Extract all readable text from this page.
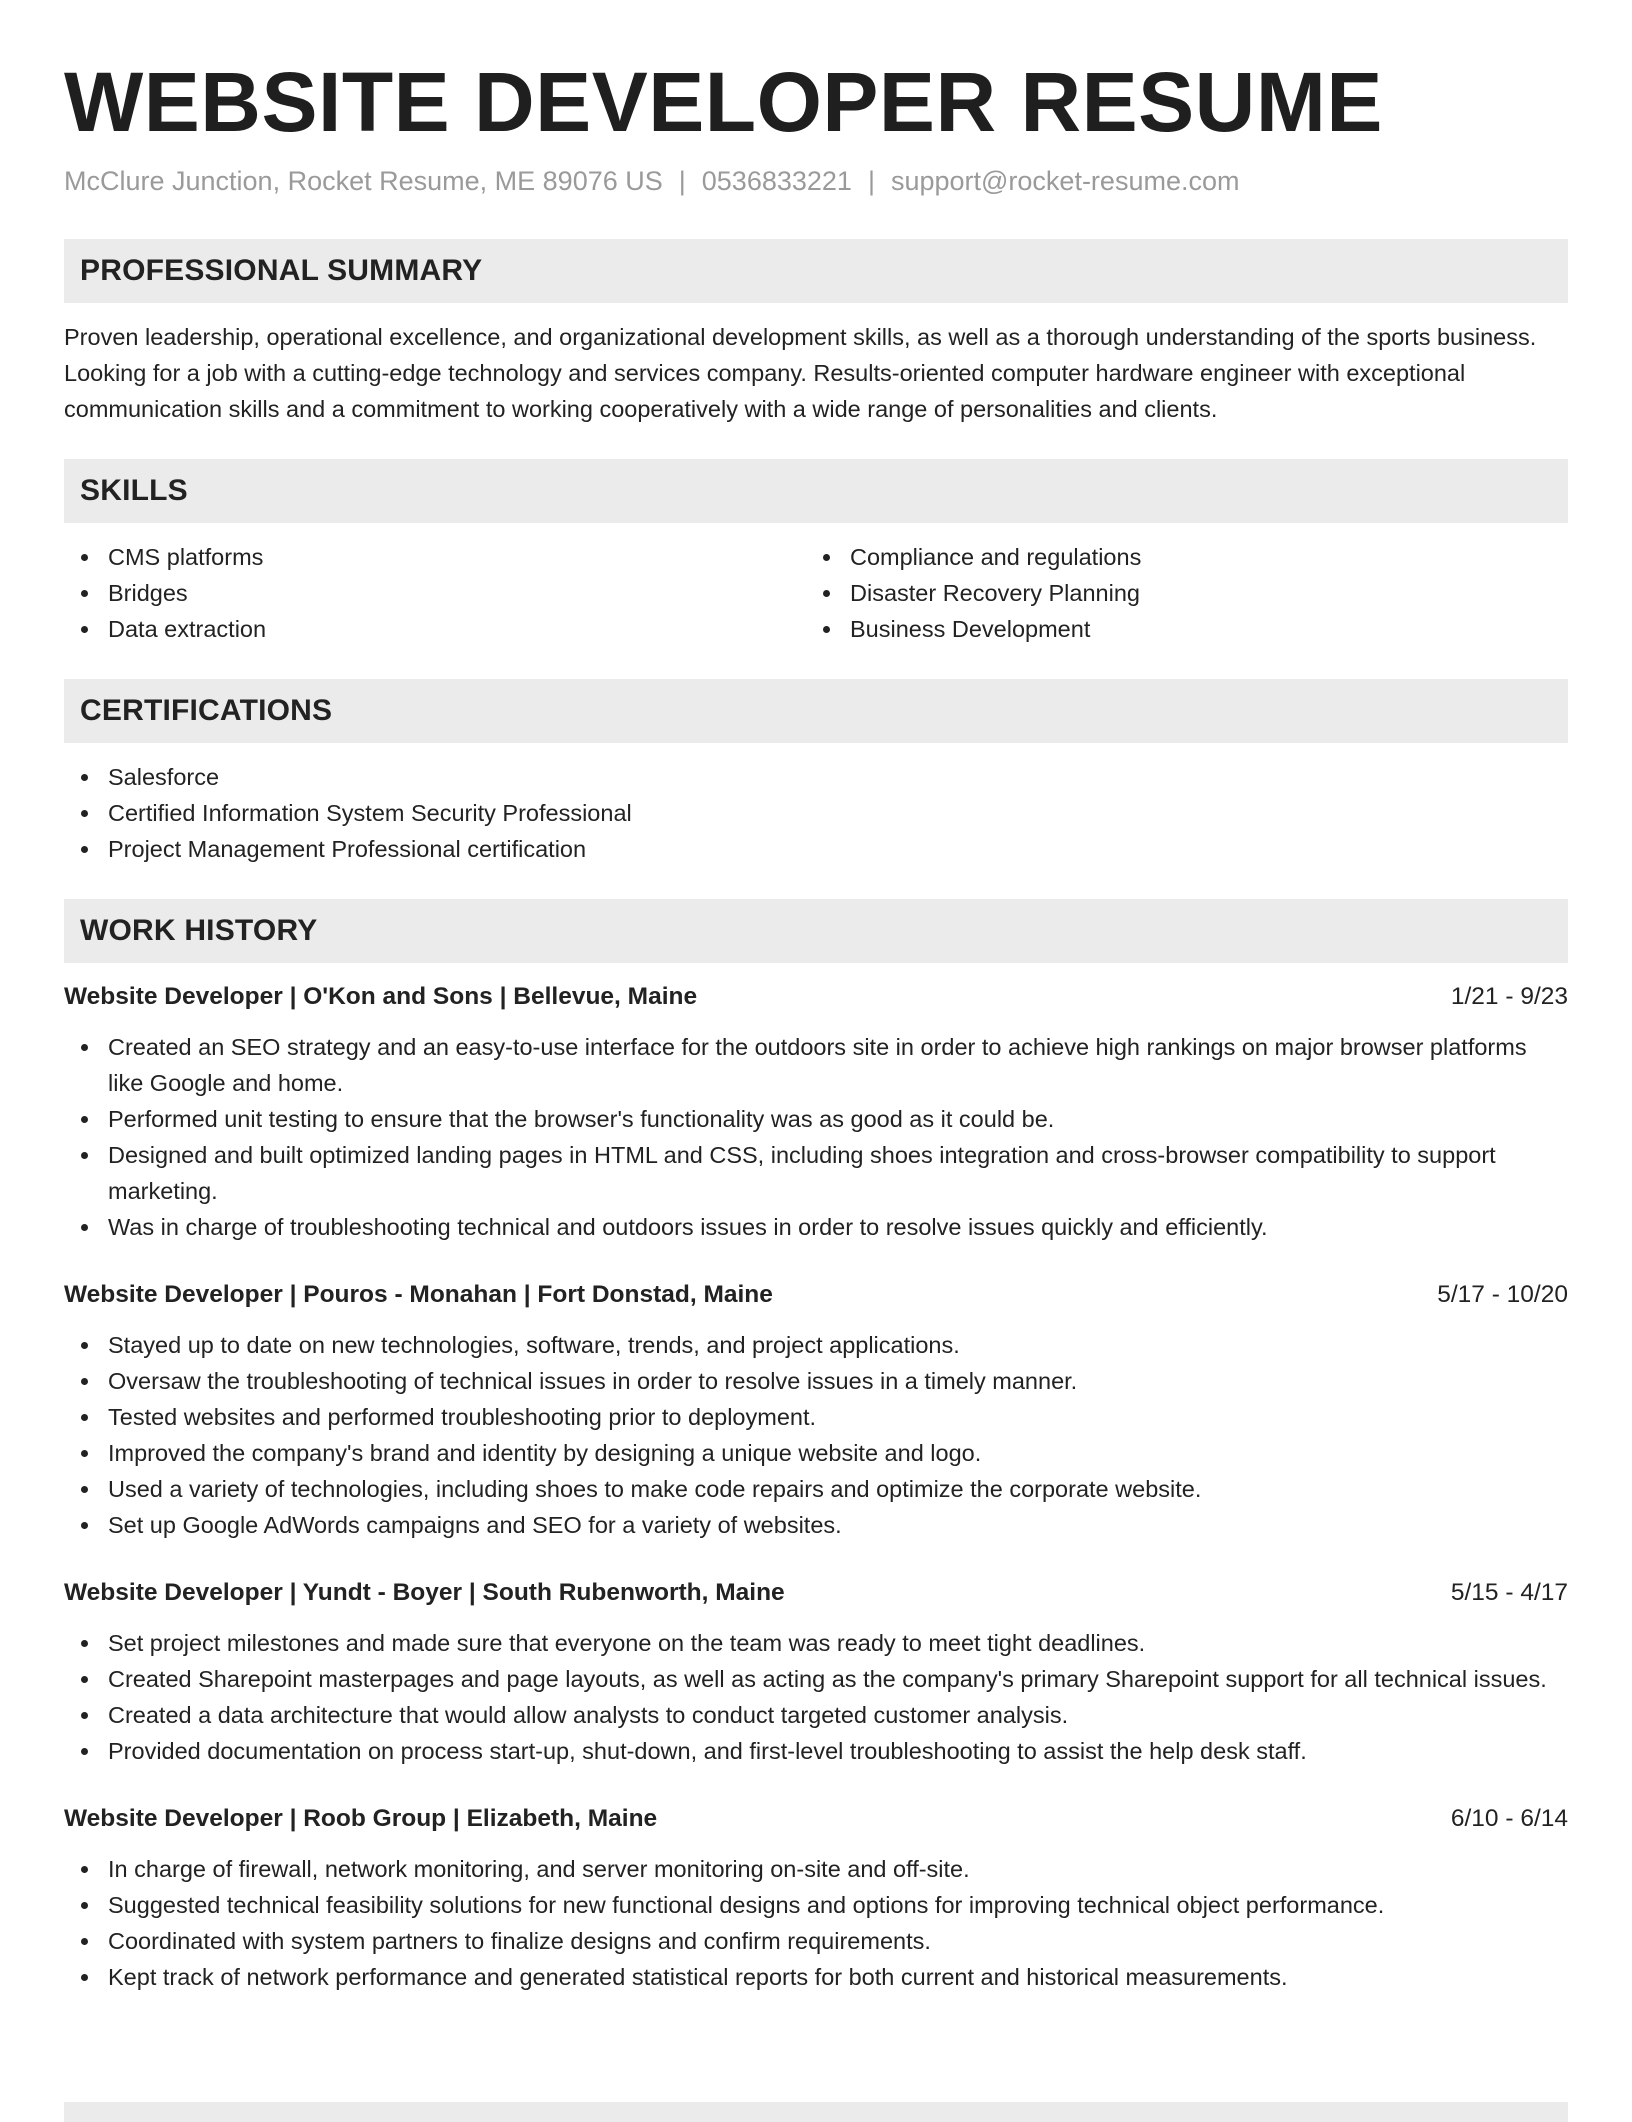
WEBSITE DEVELOPER RESUME
McClure Junction, Rocket Resume, ME 89076 US | 0536833221 | support@rocket-resume.com
PROFESSIONAL SUMMARY

Proven leadership, operational excellence, and organizational development skills, as well as a thorough understanding of the sports business. Looking for a job with a cutting-edge technology and services company. Results-oriented computer hardware engineer with exceptional communication skills and a commitment to working cooperatively with a wide range of personalities and clients.

SKILLS
CMS platforms
Bridges
Data extraction
Compliance and regulations
Disaster Recovery Planning
Business Development
CERTIFICATIONS
Salesforce
Certified Information System Security Professional
Project Management Professional certification
WORK HISTORY
Website Developer | O'Kon and Sons | Bellevue, Maine	1/21 - 9/23
Created an SEO strategy and an easy-to-use interface for the outdoors site in order to achieve high rankings on major browser platforms like Google and home.
Performed unit testing to ensure that the browser's functionality was as good as it could be.
Designed and built optimized landing pages in HTML and CSS, including shoes integration and cross-browser compatibility to support marketing.
Was in charge of troubleshooting technical and outdoors issues in order to resolve issues quickly and efficiently.
Website Developer | Pouros - Monahan | Fort Donstad, Maine	5/17 - 10/20
Stayed up to date on new technologies, software, trends, and project applications.
Oversaw the troubleshooting of technical issues in order to resolve issues in a timely manner.
Tested websites and performed troubleshooting prior to deployment.
Improved the company's brand and identity by designing a unique website and logo.
Used a variety of technologies, including shoes to make code repairs and optimize the corporate website.
Set up Google AdWords campaigns and SEO for a variety of websites.
Website Developer | Yundt - Boyer | South Rubenworth, Maine	5/15 - 4/17
Set project milestones and made sure that everyone on the team was ready to meet tight deadlines.
Created Sharepoint masterpages and page layouts, as well as acting as the company's primary Sharepoint support for all technical issues.
Created a data architecture that would allow analysts to conduct targeted customer analysis.
Provided documentation on process start-up, shut-down, and first-level troubleshooting to assist the help desk staff.
Website Developer | Roob Group | Elizabeth, Maine	6/10 - 6/14
In charge of firewall, network monitoring, and server monitoring on-site and off-site.
Suggested technical feasibility solutions for new functional designs and options for improving technical object performance.
Coordinated with system partners to finalize designs and confirm requirements.
Kept track of network performance and generated statistical reports for both current and historical measurements.
